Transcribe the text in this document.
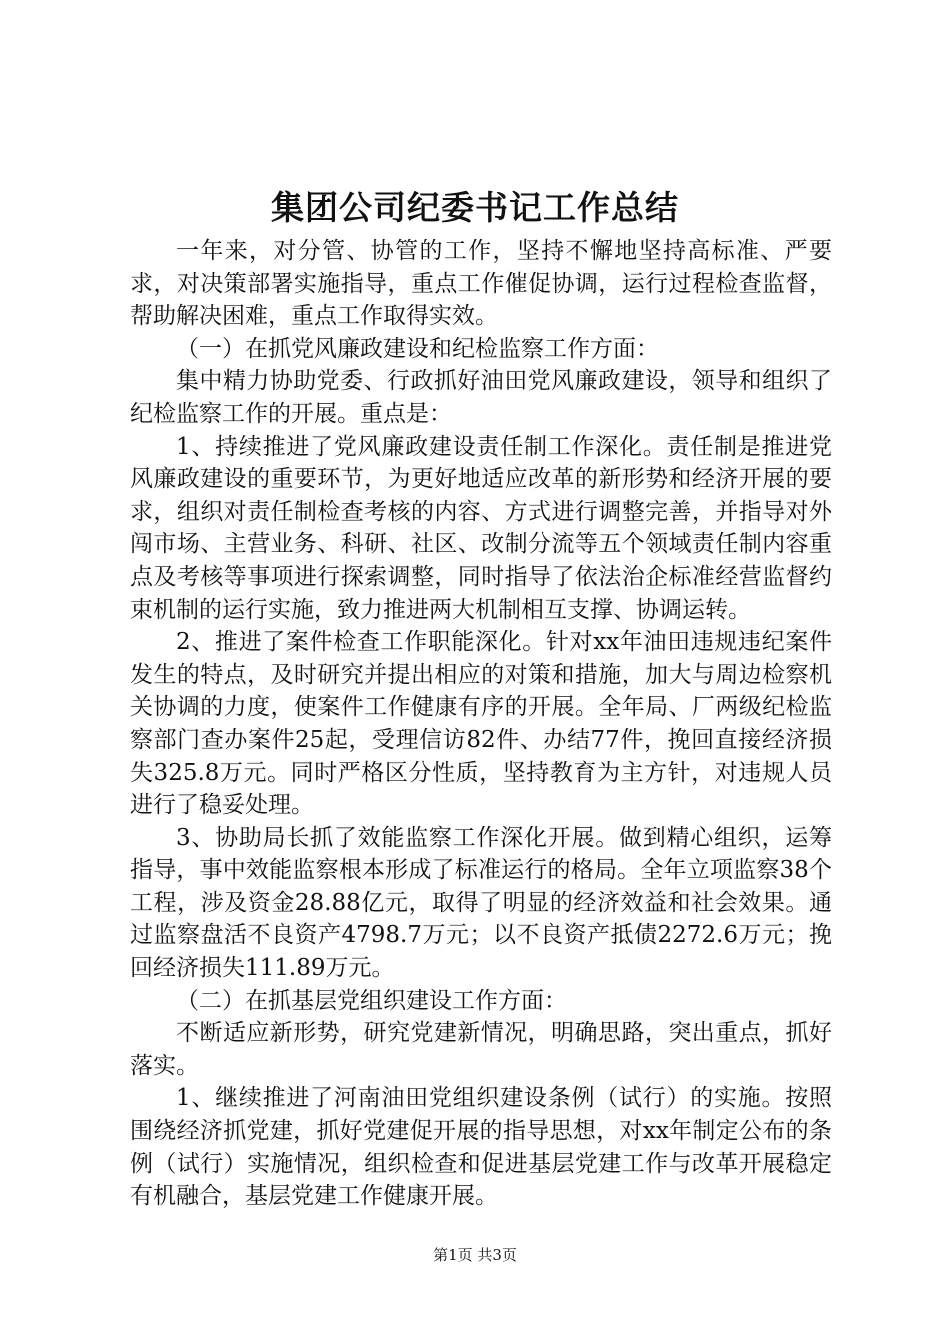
集团公司纪委书记工作总结

一年来，对分管、协管的工作，坚持不懈地坚持高标准、严要求，对决策部署实施指导，重点工作催促协调，运行过程检查监督，帮助解决困难，重点工作取得实效。

（一）在抓党风廉政建设和纪检监察工作方面：

集中精力协助党委、行政抓好油田党风廉政建设，领导和组织了纪检监察工作的开展。重点是：

1、持续推进了党风廉政建设责任制工作深化。责任制是推进党风廉政建设的重要环节，为更好地适应改革的新形势和经济开展的要求，组织对责任制检查考核的内容、方式进行调整完善，并指导对外闯市场、主营业务、科研、社区、改制分流等五个领域责任制内容重点及考核等事项进行探索调整，同时指导了依法治企标准经营监督约束机制的运行实施，致力推进两大机制相互支撑、协调运转。

2、推进了案件检查工作职能深化。针对xx年油田违规违纪案件发生的特点，及时研究并提出相应的对策和措施，加大与周边检察机关协调的力度，使案件工作健康有序的开展。全年局、厂两级纪检监察部门查办案件25起，受理信访82件、办结77件，挽回直接经济损失325.8万元。同时严格区分性质，坚持教育为主方针，对违规人员进行了稳妥处理。

3、协助局长抓了效能监察工作深化开展。做到精心组织，运筹指导，事中效能监察根本形成了标准运行的格局。全年立项监察38个工程，涉及资金28.88亿元，取得了明显的经济效益和社会效果。通过监察盘活不良资产4798.7万元；以不良资产抵债2272.6万元；挽回经济损失111.89万元。

（二）在抓基层党组织建设工作方面：

不断适应新形势，研究党建新情况，明确思路，突出重点，抓好落实。

1、继续推进了河南油田党组织建设条例（试行）的实施。按照围绕经济抓党建，抓好党建促开展的指导思想，对xx年制定公布的条例（试行）实施情况，组织检查和促进基层党建工作与改革开展稳定有机融合，基层党建工作健康开展。

第1页 共3页
